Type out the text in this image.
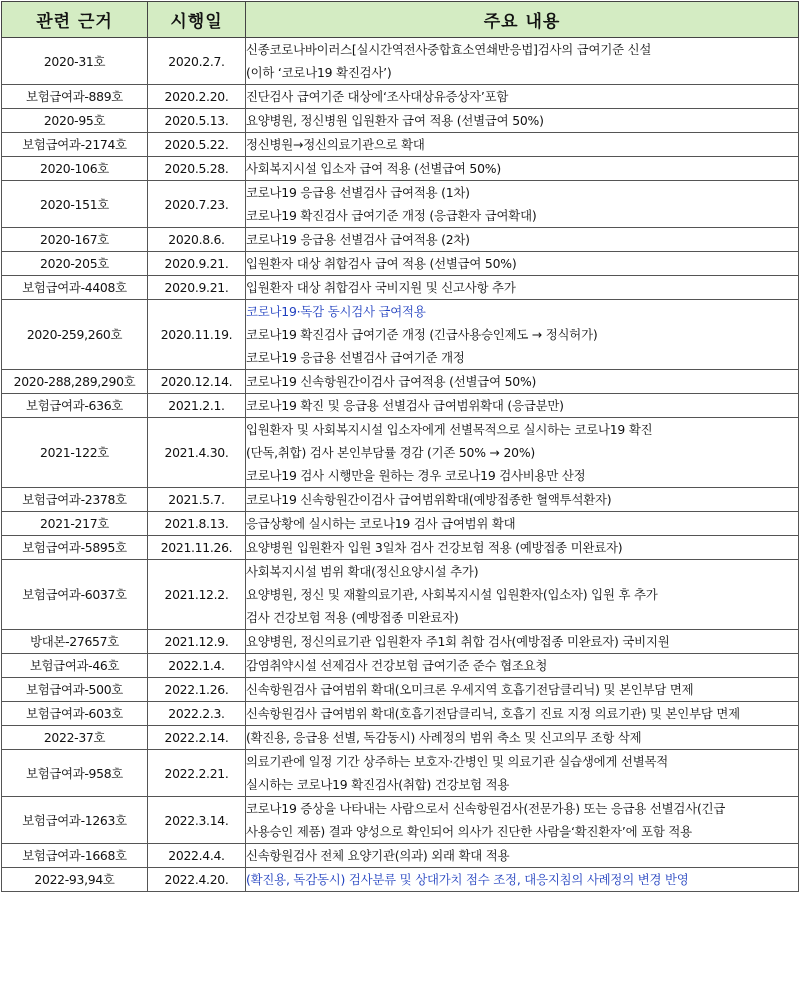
관련 근거	시행일	주요 내용
2020-31호	2020.2.7.	신종코로나바이러스[실시간역전사중합효소연쇄반응법]검사의 급여기준 신설
(이하 ‘코로나19 확진검사’)

보험급여과-889호	2020.2.20.	진단검사 급여기준 대상에‘조사대상유증상자’포함

2020-95호	2020.5.13.	요양병원, 정신병원 입원환자 급여 적용 (선별급여 50%)

보험급여과-2174호	2020.5.22.	정신병원→정신의료기관으로 확대

2020-106호	2020.5.28.	사회복지시설 입소자 급여 적용 (선별급여 50%)

2020-151호	2020.7.23.	코로나19 응급용 선별검사 급여적용 (1차)
코로나19 확진검사 급여기준 개정 (응급환자 급여확대)

2020-167호	2020.8.6.	코로나19 응급용 선별검사 급여적용 (2차)

2020-205호	2020.9.21.	입원환자 대상 취합검사 급여 적용 (선별급여 50%)

보험급여과-4408호	2020.9.21.	입원환자 대상 취합검사 국비지원 및 신고사항 추가

2020-259,260호	2020.11.19.	코로나19·독감 동시검사 급여적용
코로나19 확진검사 급여기준 개정 (긴급사용승인제도 → 정식허가)
코로나19 응급용 선별검사 급여기준 개정

2020-288,289,290호	2020.12.14.	코로나19 신속항원간이검사 급여적용 (선별급여 50%)

보험급여과-636호	2021.2.1.	코로나19 확진 및 응급용 선별검사 급여범위확대 (응급분만)

2021-122호	2021.4.30.	입원환자 및 사회복지시설 입소자에게 선별목적으로 실시하는 코로나19 확진
(단독,취합) 검사 본인부담률 경감 (기존 50% → 20%)
코로나19 검사 시행만을 원하는 경우 코로나19 검사비용만 산정

보험급여과-2378호	2021.5.7.	코로나19 신속항원간이검사 급여범위확대(예방접종한 혈액투석환자)

2021-217호	2021.8.13.	응급상황에 실시하는 코로나19 검사 급여범위 확대

보험급여과-5895호	2021.11.26.	요양병원 입원환자 입원 3일차 검사 건강보험 적용 (예방접종 미완료자)

보험급여과-6037호	2021.12.2.	사회복지시설 범위 확대(정신요양시설 추가)
요양병원, 정신 및 재활의료기관, 사회복지시설 입원환자(입소자) 입원 후 추가
검사 건강보험 적용 (예방접종 미완료자)

방대본-27657호	2021.12.9.	요양병원, 정신의료기관 입원환자 주1회 취합 검사(예방접종 미완료자) 국비지원

보험급여과-46호	2022.1.4.	감염취약시설 선제검사 건강보험 급여기준 준수 협조요청

보험급여과-500호	2022.1.26.	신속항원검사 급여범위 확대(오미크론 우세지역 호흡기전담클리닉) 및 본인부담 면제

보험급여과-603호	2022.2.3.	신속항원검사 급여범위 확대(호흡기전담클리닉, 호흡기 진료 지정 의료기관) 및 본인부담 면제

2022-37호	2022.2.14.	(확진용, 응급용 선별, 독감동시) 사례정의 범위 축소 및 신고의무 조항 삭제

보험급여과-958호	2022.2.21.	의료기관에 일정 기간 상주하는 보호자·간병인 및 의료기관 실습생에게 선별목적
실시하는 코로나19 확진검사(취합) 건강보험 적용

보험급여과-1263호	2022.3.14.	코로나19 증상을 나타내는 사람으로서 신속항원검사(전문가용) 또는 응급용 선별검사(긴급
사용승인 제품) 결과 양성으로 확인되어 의사가 진단한 사람을‘확진환자’에 포함 적용

보험급여과-1668호	2022.4.4.	신속항원검사 전체 요양기관(의과) 외래 확대 적용

2022-93,94호	2022.4.20.	(확진용, 독감동시) 검사분류 및 상대가치 점수 조정, 대응지침의 사례정의 변경 반영
